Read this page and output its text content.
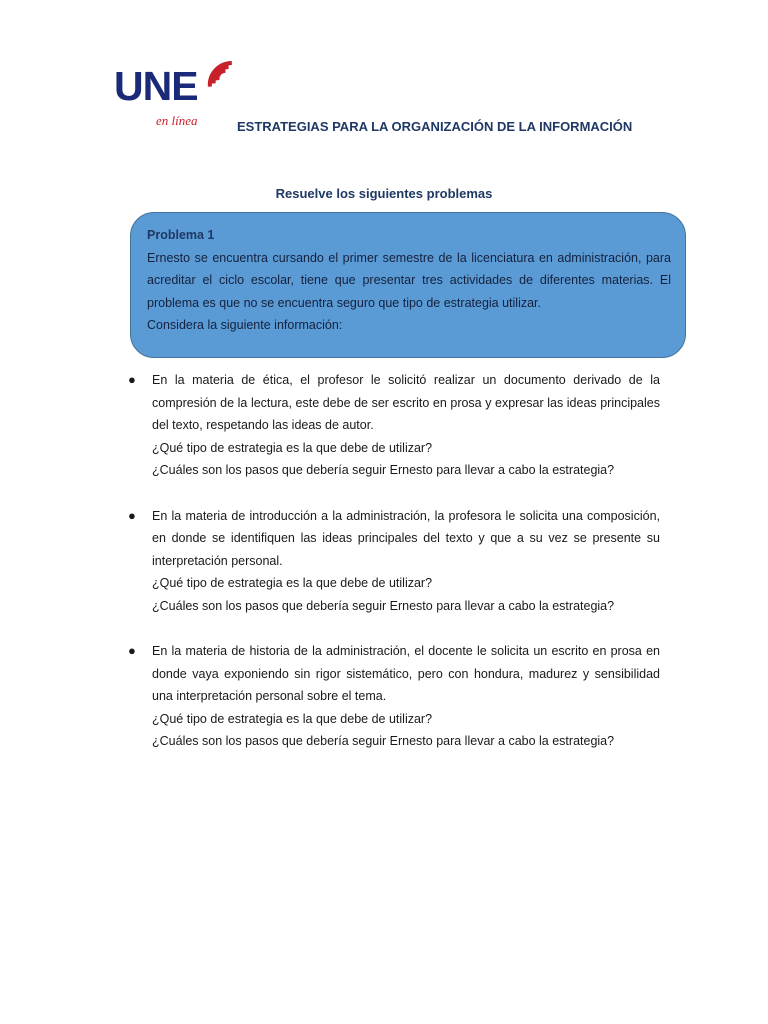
UNE
en línea	ESTRATEGIAS PARA LA ORGANIZACIÓN DE LA INFORMACIÓN
Resuelve los siguientes problemas
Problema 1
Ernesto se encuentra cursando el primer semestre de la licenciatura en administración, para acreditar el ciclo escolar, tiene que presentar tres actividades de diferentes materias. El problema es que no se encuentra seguro que tipo de estrategia utilizar.
Considera la siguiente información:
● En la materia de ética, el profesor le solicitó realizar un documento derivado de la compresión de la lectura, este debe de ser escrito en prosa y expresar las ideas principales del texto, respetando las ideas de autor.
¿Qué tipo de estrategia es la que debe de utilizar?
¿Cuáles son los pasos que debería seguir Ernesto para llevar a cabo la estrategia?
● En la materia de introducción a la administración, la profesora le solicita una composición, en donde se identifiquen las ideas principales del texto y que a su vez se presente su interpretación personal.
¿Qué tipo de estrategia es la que debe de utilizar?
¿Cuáles son los pasos que debería seguir Ernesto para llevar a cabo la estrategia?
● En la materia de historia de la administración, el docente le solicita un escrito en prosa en donde vaya exponiendo sin rigor sistemático, pero con hondura, madurez y sensibilidad una interpretación personal sobre el tema.
¿Qué tipo de estrategia es la que debe de utilizar?
¿Cuáles son los pasos que debería seguir Ernesto para llevar a cabo la estrategia?
